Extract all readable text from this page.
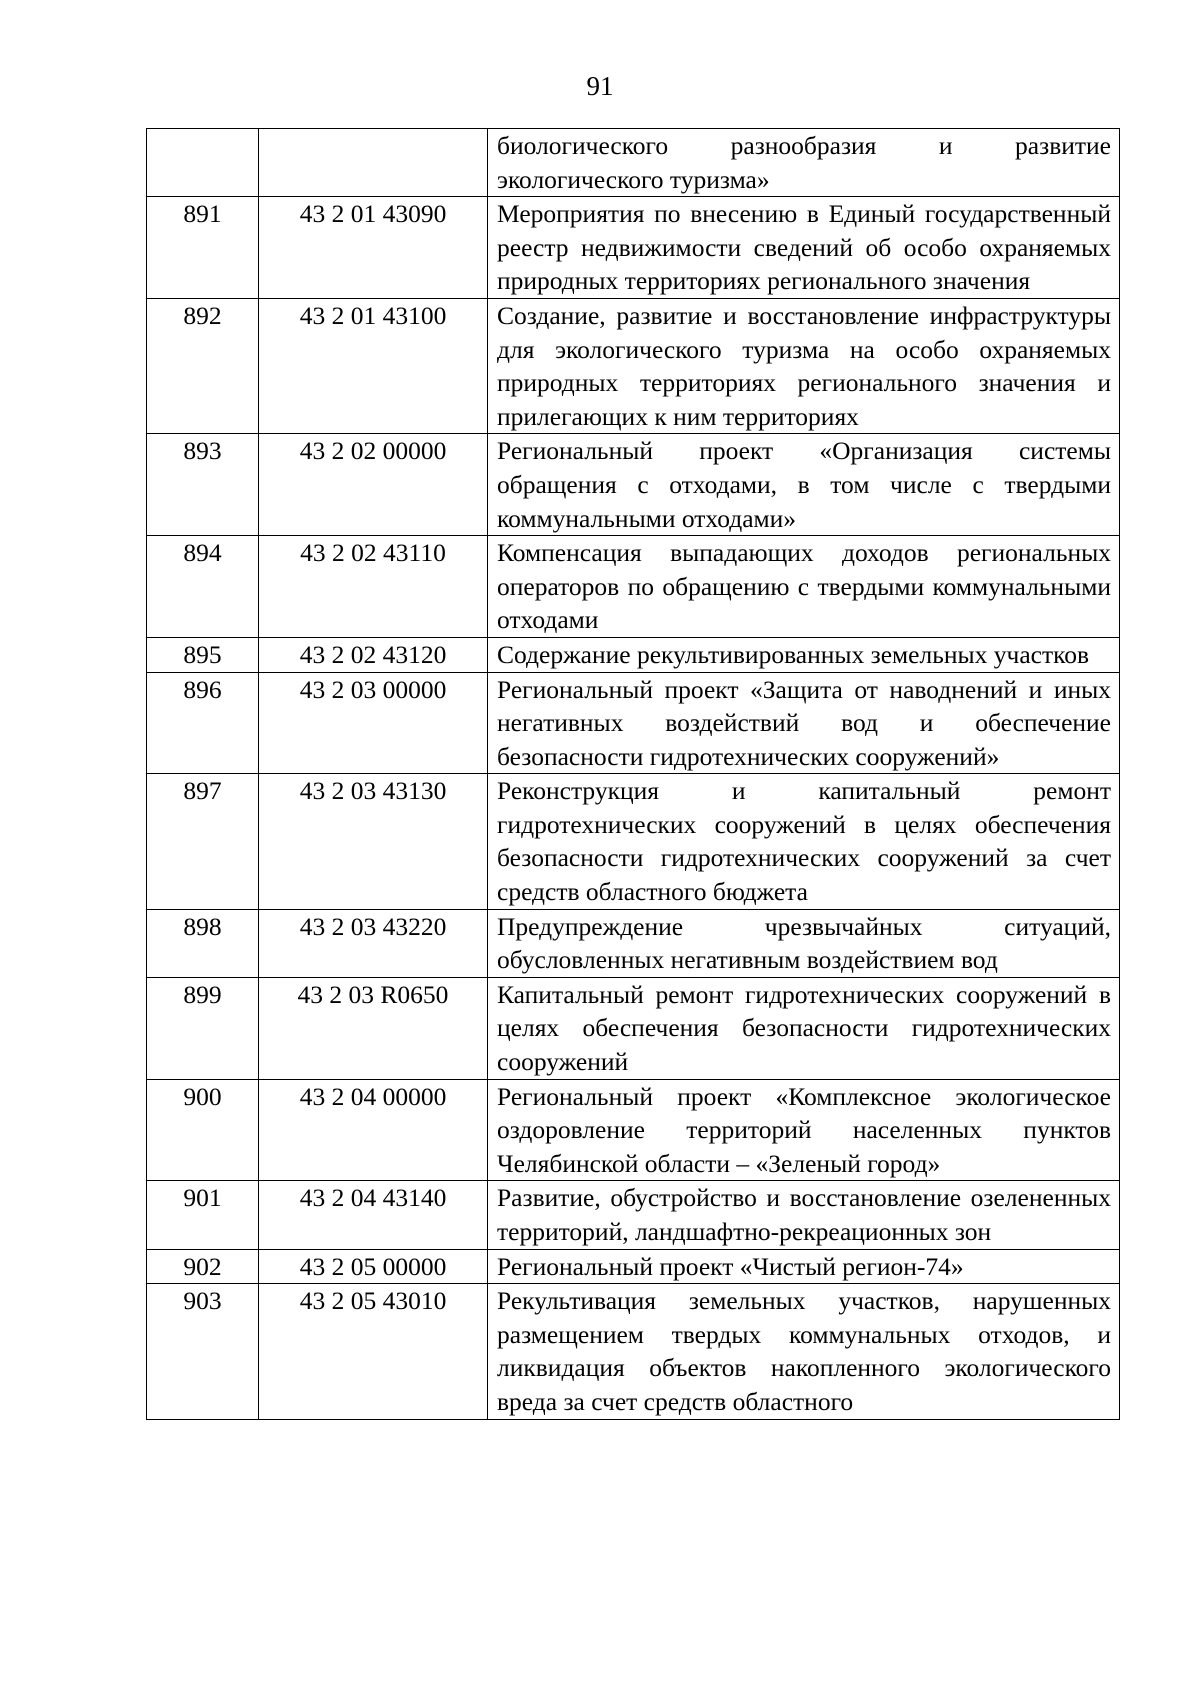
91

		биологического разнообразия и развитие экологического туризма»

891	43 2 01 43090	Мероприятия по внесению в Единый государственный реестр недвижимости сведений об особо охраняемых природных территориях регионального значения

892	43 2 01 43100	Создание, развитие и восстановление инфраструктуры для экологического туризма на особо охраняемых природных территориях регионального значения и прилегающих к ним территориях

893	43 2 02 00000	Региональный проект «Организация системы обращения с отходами, в том числе с твердыми коммунальными отходами»

894	43 2 02 43110	Компенсация выпадающих доходов региональных операторов по обращению с твердыми коммунальными отходами

895	43 2 02 43120	Содержание рекультивированных земельных участков

896	43 2 03 00000	Региональный проект «Защита от наводнений и иных негативных воздействий вод и обеспечение безопасности гидротехнических сооружений»

897	43 2 03 43130	Реконструкция и капитальный ремонт гидротехнических сооружений в целях обеспечения безопасности гидротехнических сооружений за счет средств областного бюджета

898	43 2 03 43220	Предупреждение чрезвычайных ситуаций, обусловленных негативным воздействием вод

899	43 2 03 R0650	Капитальный ремонт гидротехнических сооружений в целях обеспечения безопасности гидротехнических сооружений

900	43 2 04 00000	Региональный проект «Комплексное экологическое оздоровление территорий населенных пунктов Челябинской области – «Зеленый город»

901	43 2 04 43140	Развитие, обустройство и восстановление озелененных территорий, ландшафтно-рекреационных зон

902	43 2 05 00000	Региональный проект «Чистый регион-74»

903	43 2 05 43010	Рекультивация земельных участков, нарушенных размещением твердых коммунальных отходов, и ликвидация объектов накопленного экологического вреда за счет средств областного
